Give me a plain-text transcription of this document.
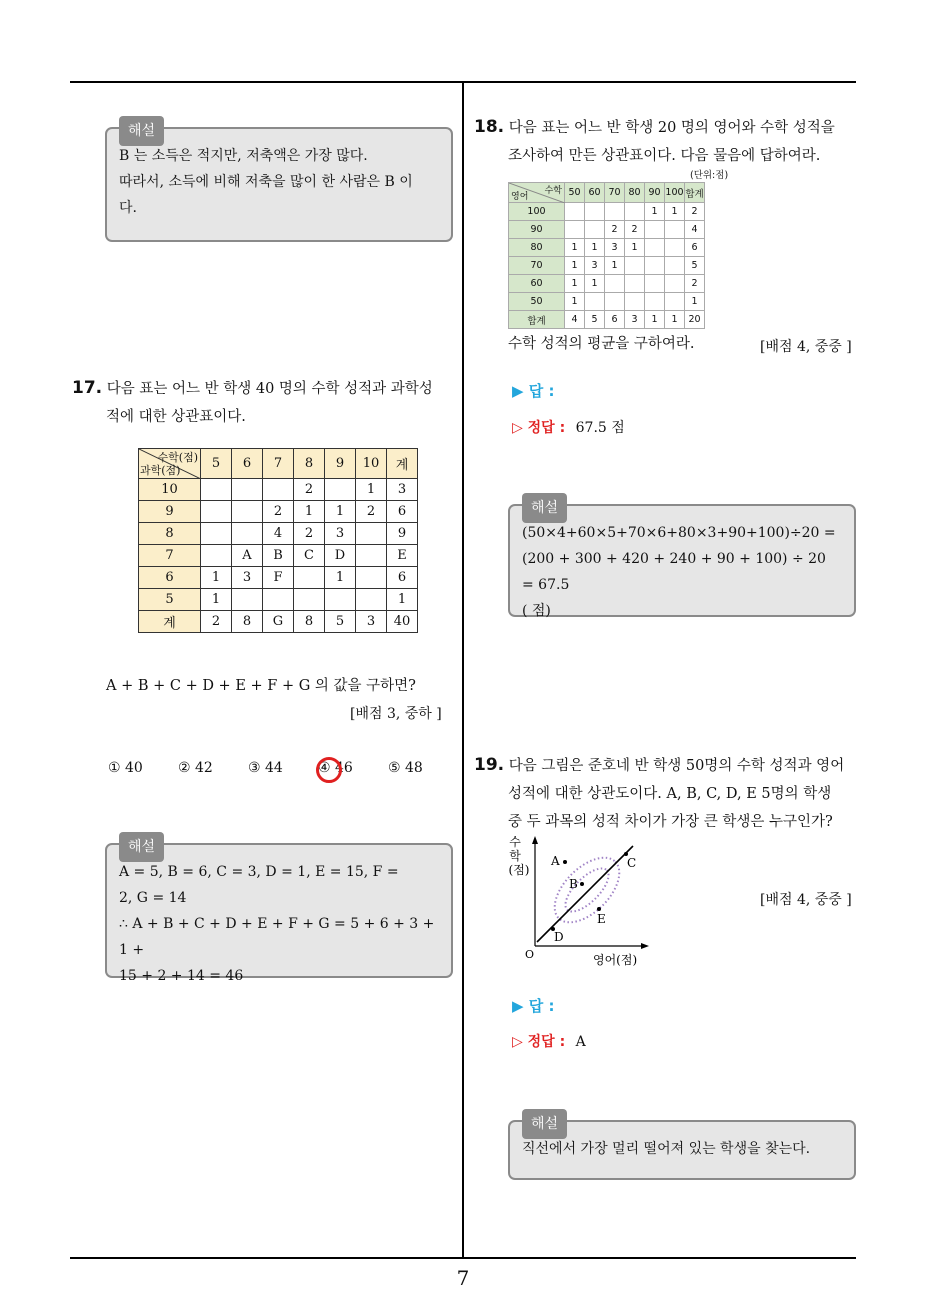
해설

B 는 소득은 적지만, 저축액은 가장 많다.

따라서, 소득에 비해 저축을 많이 한 사람은 B 이

다.

17. 다음 표는 어느 반 학생 40 명의 수학 성적과 과학성
적에 대한 상관표이다.
수학(점)
과학(점)	5	6	7	8	9	10	계
10				2		1	3
9			2	1	1	2	6
8			4	2	3		9
7		A	B	C	D		E
6	1	3	F		1		6
5	1						1
계	2	8	G	8	5	3	40
A + B + C + D + E + F + G 의 값을 구하면?
[배점 3, 중하 ]
① 40	② 42	③ 44	④ 46	⑤ 48
해설

A = 5, B = 6, C = 3, D = 1, E = 15, F =

2, G = 14

∴ A + B + C + D + E + F + G = 5 + 6 + 3 + 1 +

15 + 2 + 14 = 46

18. 다음 표는 어느 반 학생 20 명의 영어와 수학 성적을
조사하여 만든 상관표이다. 다음 물음에 답하여라.
(단위:점)
수학
영어	50	60	70	80	90	100	합계
100					1	1	2
90			2	2			4
80	1	1	3	1			6
70	1	3	1				5
60	1	1					2
50	1						1
합계	4	5	6	3	1	1	20
수학 성적의 평균을 구하여라.	[배점 4, 중중 ]
▶ 답 :
▷ 정답 : 67.5 점
해설

(50×4+60×5+70×6+80×3+90+100)÷20 =

(200 + 300 + 420 + 240 + 90 + 100) ÷ 20 = 67.5

( 점)

19. 다음 그림은 준호네 반 학생 50명의 수학 성적과 영어
성적에 대한 상관도이다. A, B, C, D, E 5명의 학생
중 두 과목의 성적 차이가 가장 큰 학생은 누구인가?
수
학
(점)
A
B
C
D
E
O	영어(점)
[배점 4, 중중 ]
▶ 답 :
▷ 정답 : A
해설

직선에서 가장 멀리 떨어져 있는 학생을 찾는다.

7
